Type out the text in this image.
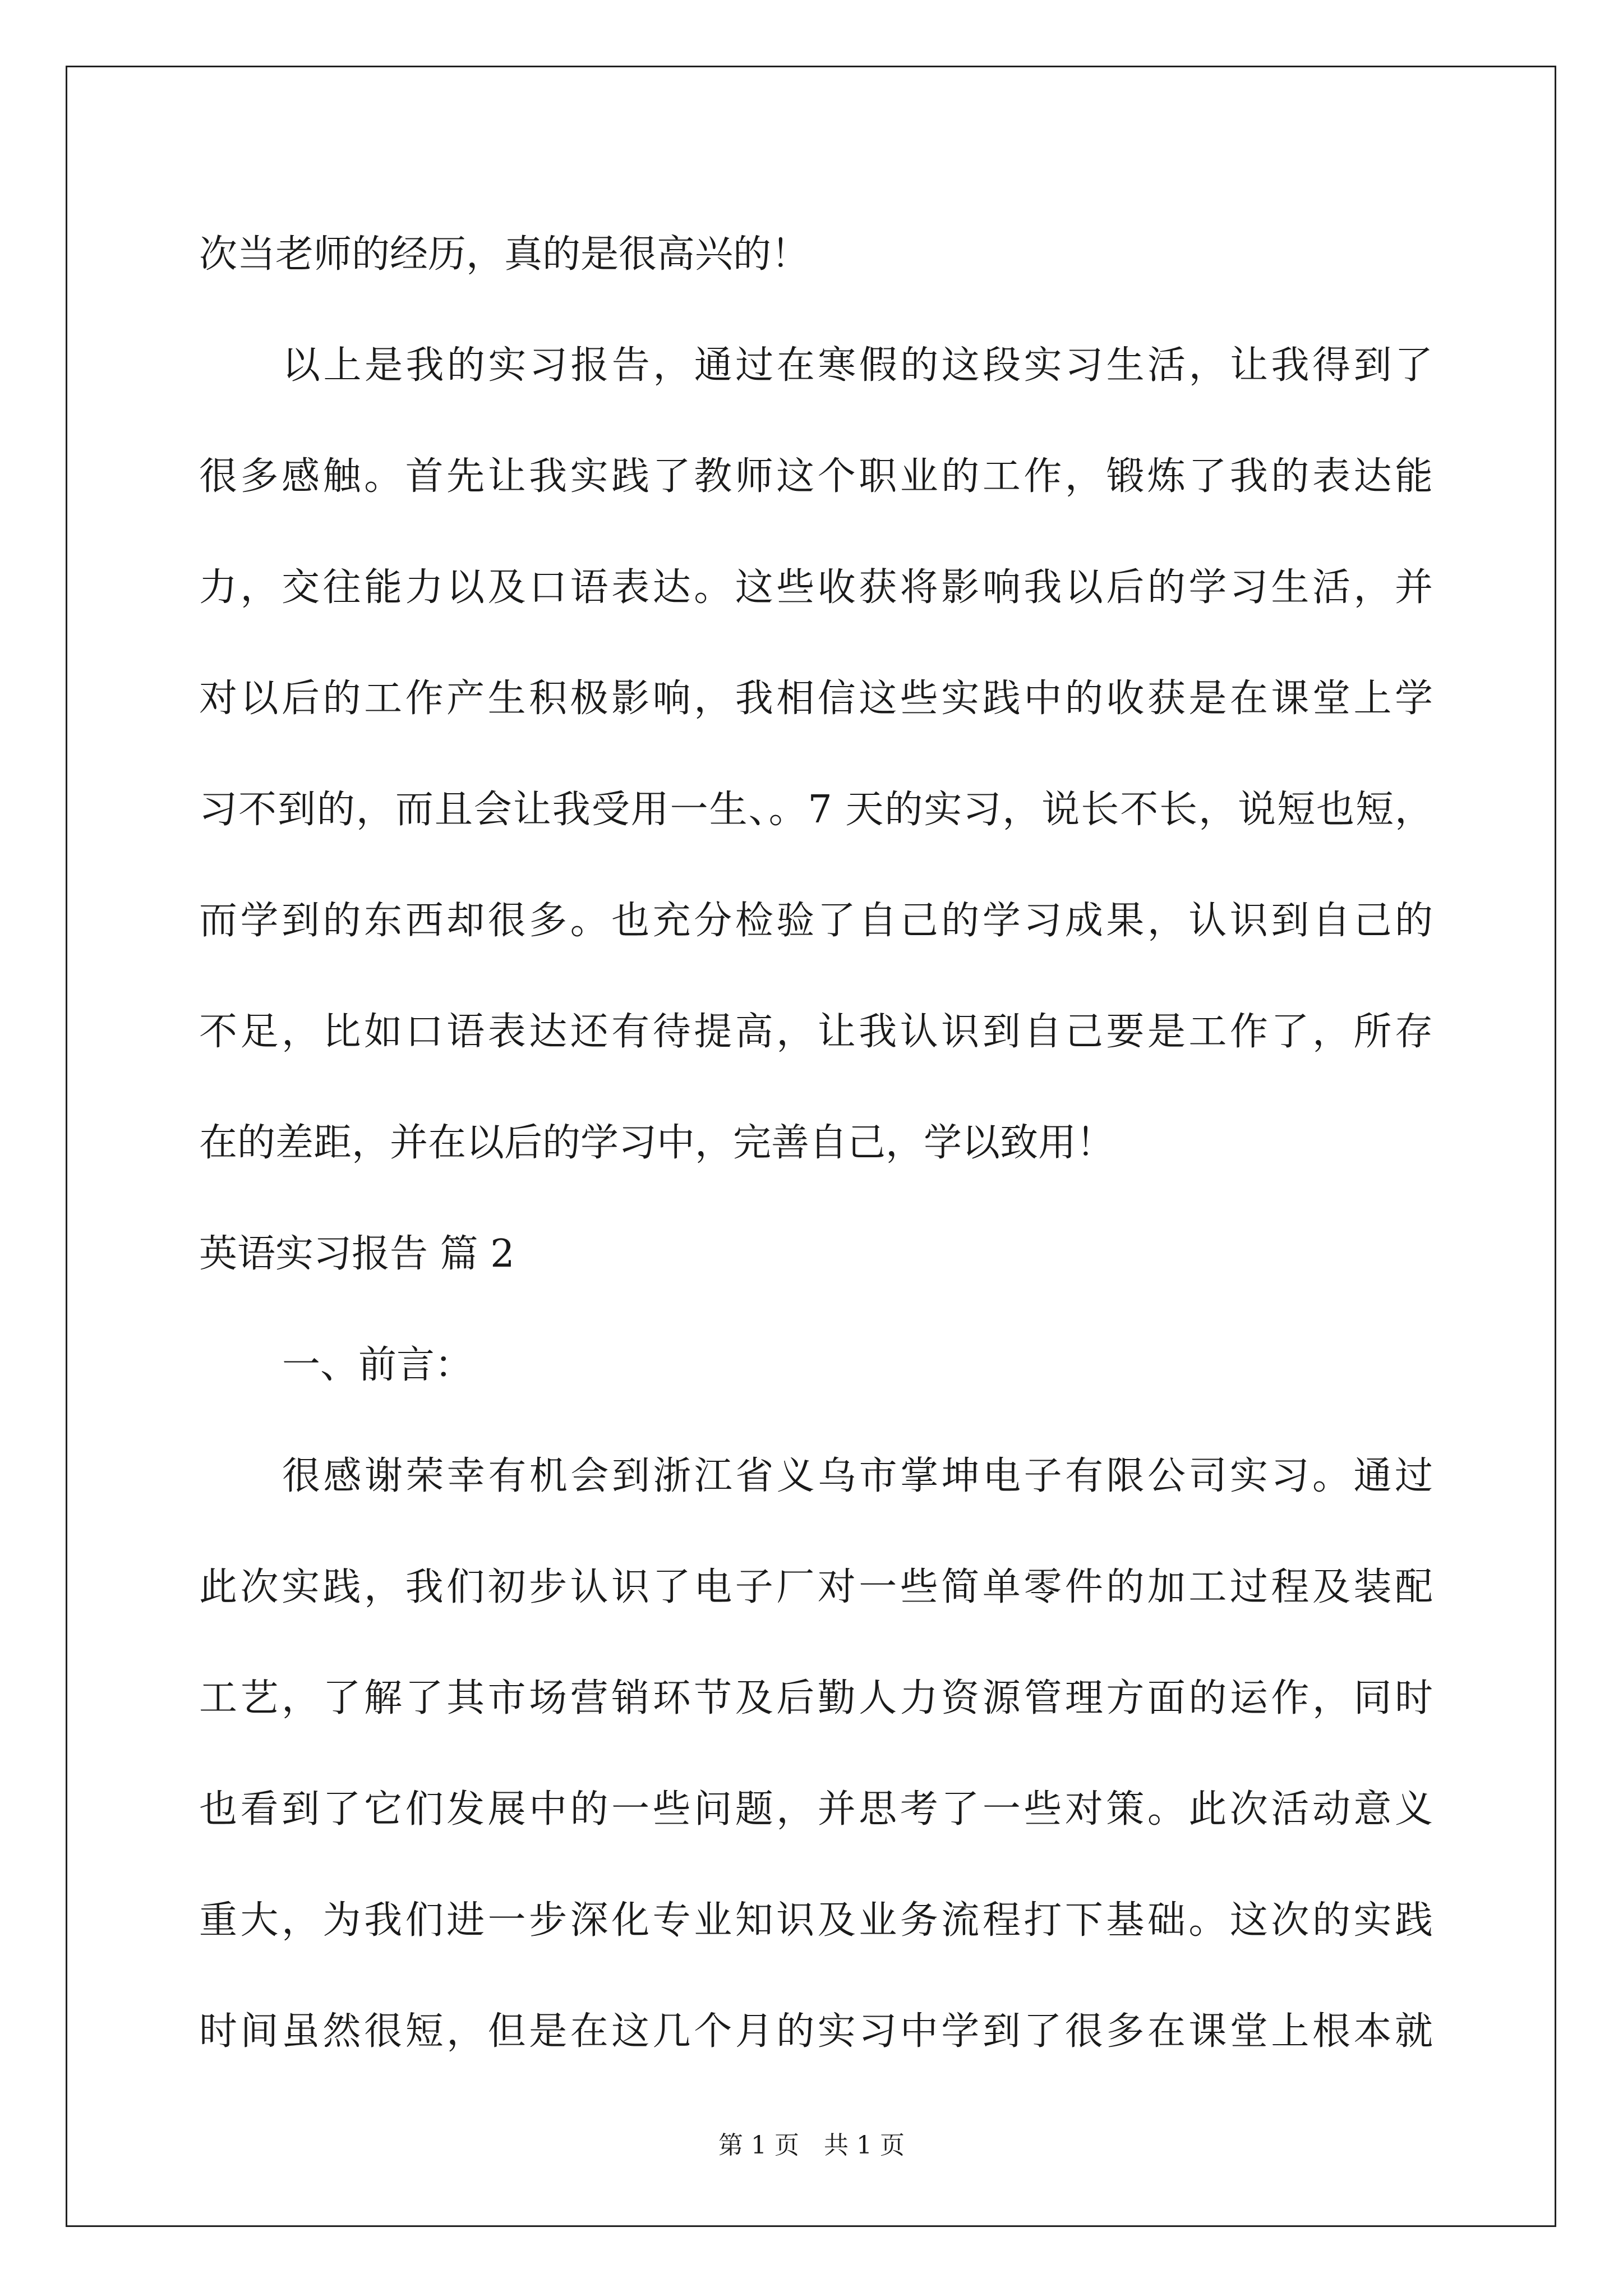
次当老师的经历，真的是很高兴的！
以上是我的实习报告，通过在寒假的这段实习生活，让我得到了
很多感触。首先让我实践了教师这个职业的工作，锻炼了我的表达能
力，交往能力以及口语表达。这些收获将影响我以后的学习生活，并
对以后的工作产生积极影响，我相信这些实践中的收获是在课堂上学
习不到的，而且会让我受用一生、。7 天的实习，说长不长，说短也短，
而学到的东西却很多。也充分检验了自己的学习成果，认识到自己的
不足，比如口语表达还有待提高，让我认识到自己要是工作了，所存
在的差距，并在以后的学习中，完善自己，学以致用！
英语实习报告 篇 2
一、前言：
很感谢荣幸有机会到浙江省义乌市掌坤电子有限公司实习。通过
此次实践，我们初步认识了电子厂对一些简单零件的加工过程及装配
工艺，了解了其市场营销环节及后勤人力资源管理方面的运作，同时
也看到了它们发展中的一些问题，并思考了一些对策。此次活动意义
重大，为我们进一步深化专业知识及业务流程打下基础。这次的实践
时间虽然很短，但是在这几个月的实习中学到了很多在课堂上根本就
第 1 页 共 1 页
